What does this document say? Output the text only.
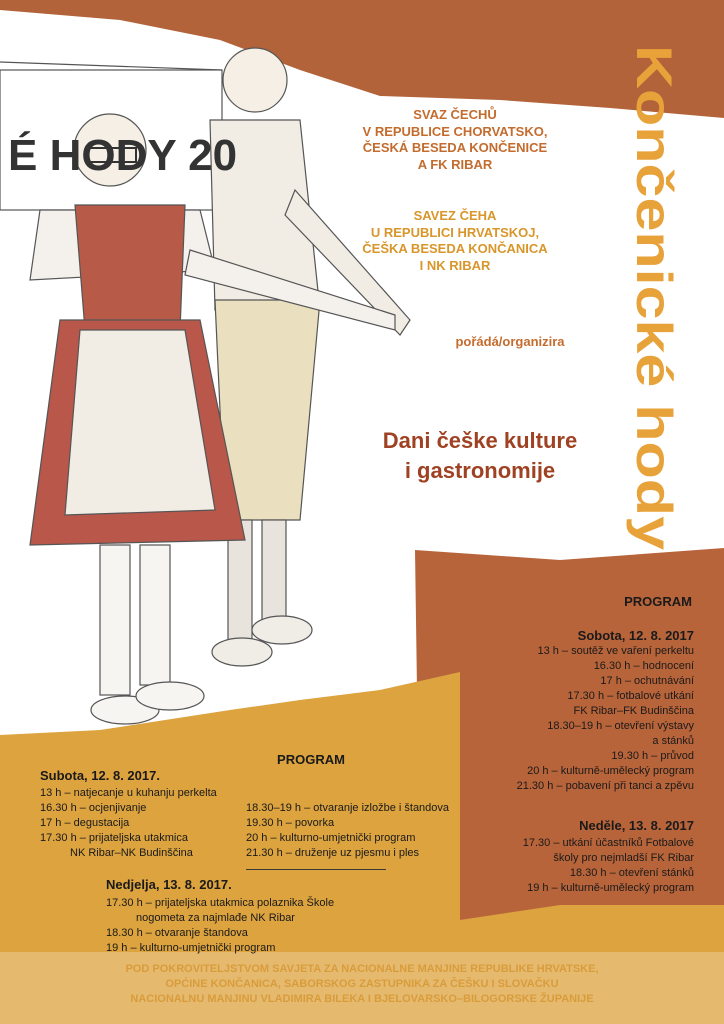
É HODY 20	Končenické hody
SVAZ ČECHŮ
V REPUBLICE CHORVATSKO,
ČESKÁ BESEDA KONČENICE
A FK RIBAR
SAVEZ ČEHA
U REPUBLICI HRVATSKOJ,
ČEŠKA BESEDA KONČANICA
I NK RIBAR
pořádá/organizira
Dani češke kulture
i gastronomije
PROGRAM
Sobota, 12. 8. 2017
13 h – soutěž ve vaření perkeltu
16.30 h – hodnocení
17 h – ochutnávání
17.30 h – fotbalové utkání
FK Ribar–FK Budinščina
18.30–19 h – otevření výstavy
a stánků
19.30 h – průvod
20 h – kulturně-umělecký program
21.30 h – pobavení při tanci a zpěvu
Neděle, 13. 8. 2017
17.30 – utkání účastníků Fotbalové
školy pro nejmladší FK Ribar
18.30 h – otevření stánků
19 h – kulturně-umělecký program
PROGRAM
Subota, 12. 8. 2017.
13 h – natjecanje u kuhanju perkelta
16.30 h – ocjenjivanje
17 h – degustacija
17.30 h – prijateljska utakmica
NK Ribar–NK Budinščina
18.30–19 h – otvaranje izložbe i štandova
19.30 h – povorka
20 h – kulturno-umjetnički program
21.30 h – druženje uz pjesmu i ples
Nedjelja, 13. 8. 2017.
17.30 h – prijateljska utakmica polaznika Škole
nogometa za najmlađe NK Ribar
18.30 h – otvaranje štandova
19 h – kulturno-umjetnički program
POD POKROVITELJSTVOM SAVJETA ZA NACIONALNE MANJINE REPUBLIKE HRVATSKE,
OPĆINE KONČANICA, SABORSKOG ZASTUPNIKA ZA ČEŠKU I SLOVAČKU
NACIONALNU MANJINU VLADIMIRA BILEKA I BJELOVARSKO–BILOGORSKE ŽUPANIJE
